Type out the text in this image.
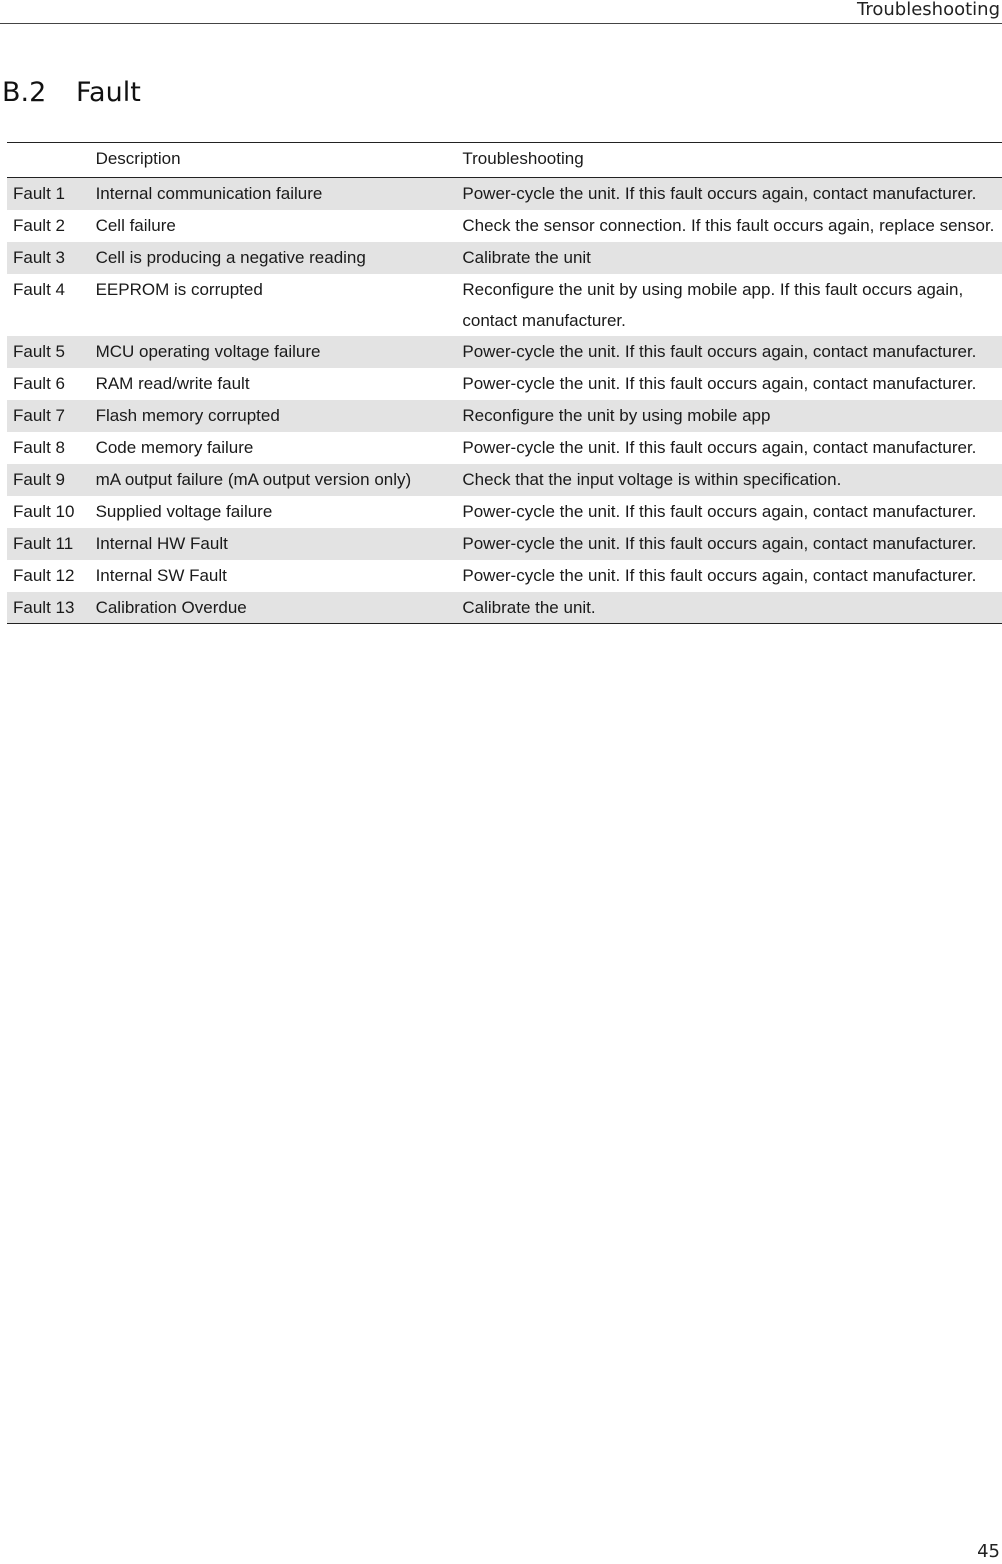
Troubleshooting
B.2 Fault
	Description	Troubleshooting
Fault 1	Internal communication failure	Power-cycle the unit. If this fault occurs again, contact manufacturer.
Fault 2	Cell failure	Check the sensor connection. If this fault occurs again, replace sensor.
Fault 3	Cell is producing a negative reading	Calibrate the unit
Fault 4	EEPROM is corrupted	Reconfigure the unit by using mobile app. If this fault occurs again, contact manufacturer.
Fault 5	MCU operating voltage failure	Power-cycle the unit. If this fault occurs again, contact manufacturer.
Fault 6	RAM read/write fault	Power-cycle the unit. If this fault occurs again, contact manufacturer.
Fault 7	Flash memory corrupted	Reconfigure the unit by using mobile app
Fault 8	Code memory failure	Power-cycle the unit. If this fault occurs again, contact manufacturer.
Fault 9	mA output failure (mA output version only)	Check that the input voltage is within specification.
Fault 10	Supplied voltage failure	Power-cycle the unit. If this fault occurs again, contact manufacturer.
Fault 11	Internal HW Fault	Power-cycle the unit. If this fault occurs again, contact manufacturer.
Fault 12	Internal SW Fault	Power-cycle the unit. If this fault occurs again, contact manufacturer.
Fault 13	Calibration Overdue	Calibrate the unit.
45
